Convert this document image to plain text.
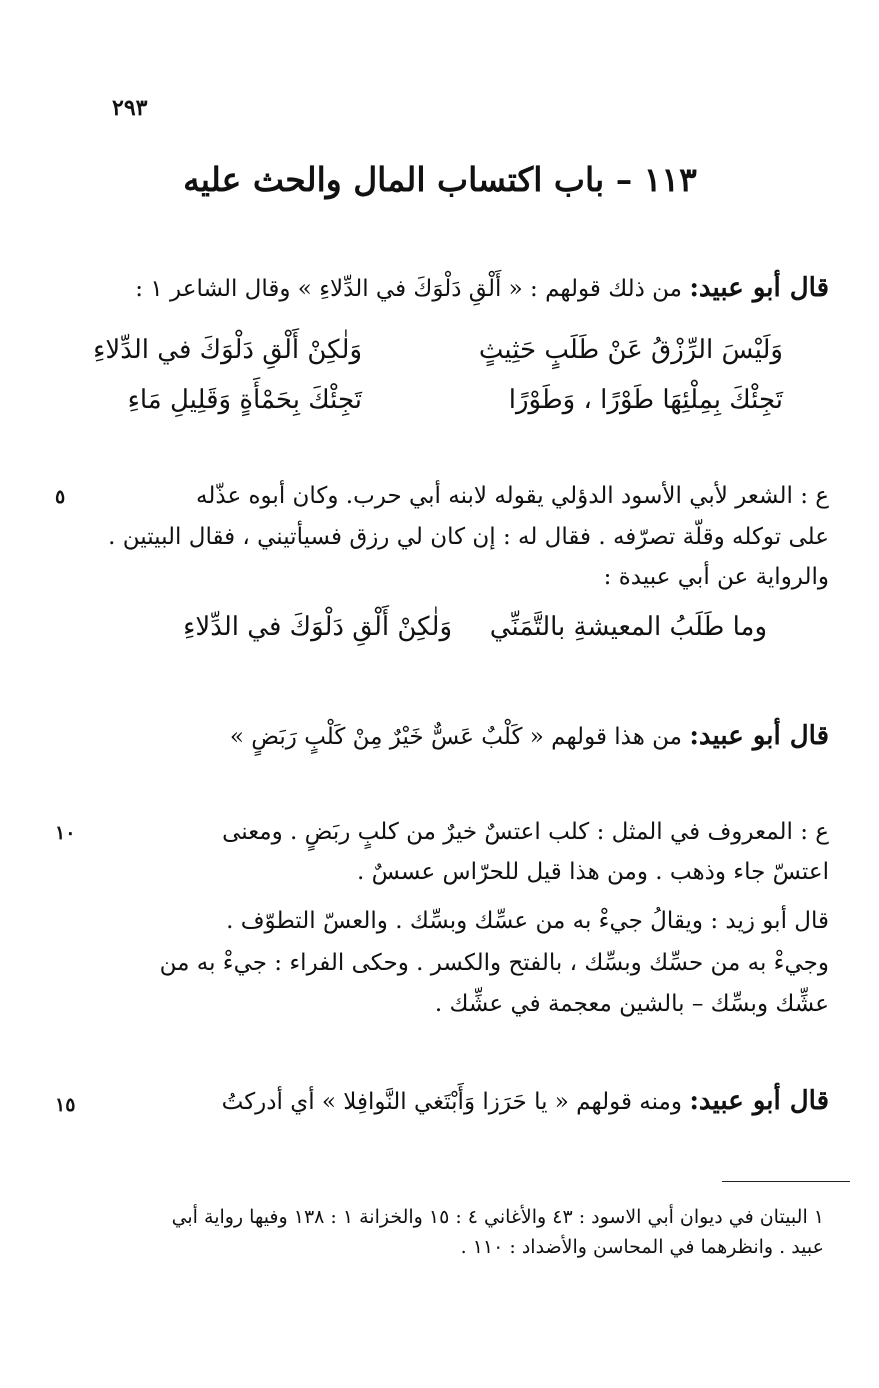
٢٩٣
١١٣ – باب اكتساب المال والحث عليه
قال أبو عبيد: من ذلك قولهم : « أَلْقِ دَلْوَكَ في الدِّلاءِ » وقال الشاعر ١ :
وَلَيْسَ الرِّزْقُ عَنْ طَلَبٍ حَثِيثٍ
وَلٰكِنْ أَلْقِ دَلْوَكَ في الدِّلاءِ
تَجِئْكَ بِمِلْئِهَا طَوْرًا ، وَطَوْرًا
تَجِئْكَ بِحَمْأَةٍ وَقَلِيلِ مَاءِ
ع : الشعر لأبي الأسود الدؤلي يقوله لابنه أبي حرب. وكان أبوه عذّله
٥
على توكله وقلّة تصرّفه . فقال له : إن كان لي رزق فسيأتيني ، فقال البيتين .
والرواية عن أبي عبيدة :
وما طَلَبُ المعيشةِ بالتَّمَنِّي
وَلٰكِنْ أَلْقِ دَلْوَكَ في الدِّلاءِ
قال أبو عبيد: من هذا قولهم « كَلْبٌ عَسٌّ خَيْرٌ مِنْ كَلْبٍ رَبَضٍ »
ع : المعروف في المثل : كلب اعتسٌ خيرٌ من كلبٍ ربَضٍ . ومعنى
١٠
اعتسّ جاء وذهب . ومن هذا قيل للحرّاس عسسٌ .
قال أبو زيد : ويقالُ جيءْ به من عسِّك وبسِّك . والعسّ التطوّف .
وجيءْ به من حسِّك وبسِّك ، بالفتح والكسر . وحكى الفراء : جيءْ به من
عشِّك وبسِّك – بالشين معجمة في عشِّك .
قال أبو عبيد: ومنه قولهم « يا حَرَزا وَأَبْتَغي النَّوافِلا » أي أدركتُ
١٥
١ البيتان في ديوان أبي الاسود : ٤٣ والأغاني ٤ : ١٥ والخزانة ١ : ١٣٨ وفيها رواية أبي
عبيد . وانظرهما في المحاسن والأضداد : ١١٠ .
